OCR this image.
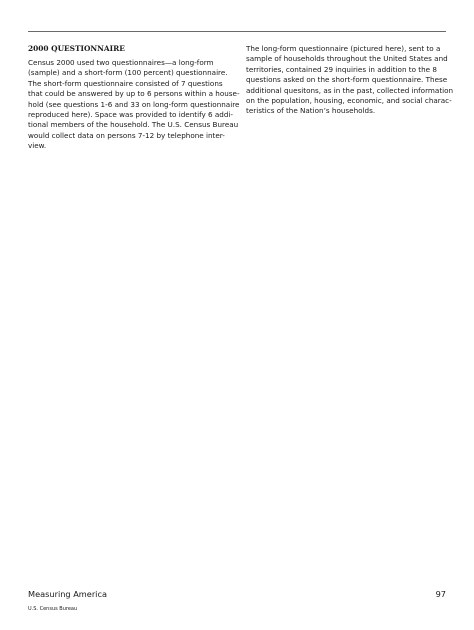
2000 QUESTIONNAIRE
Census 2000 used two questionnaires—a long-form
(sample) and a short-form (100 percent) questionnaire.
The short-form questionnaire consisted of 7 questions
that could be answered by up to 6 persons within a house-
hold (see questions 1-6 and 33 on long-form questionnaire
reproduced here). Space was provided to identify 6 addi-
tional members of the household. The U.S. Census Bureau
would collect data on persons 7-12 by telephone inter-
view.
The long-form questionnaire (pictured here), sent to a
sample of households throughout the United States and
territories, contained 29 inquiries in addition to the 8
questions asked on the short-form questionnaire. These
additional quesitons, as in the past, collected information
on the population, housing, economic, and social charac-
teristics of the Nation’s households.
Measuring America	97
U.S. Census Bureau
